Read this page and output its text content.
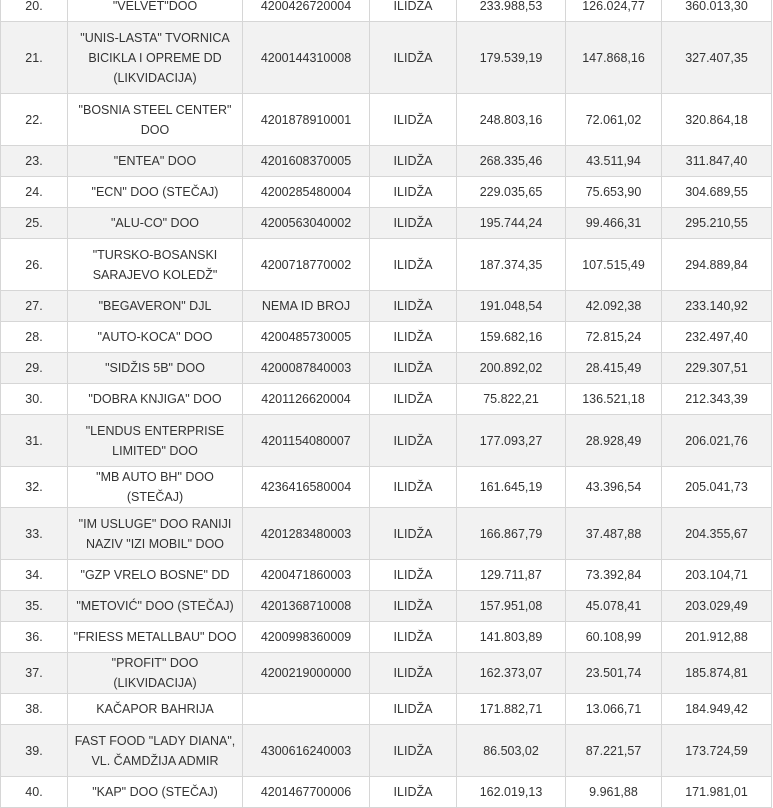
20.	"VELVET"DOO	4200426720004	ILIDŽA	233.988,53	126.024,77	360.013,30
21.	"UNIS-LASTA" TVORNICA
BICIKLA I OPREME DD
(LIKVIDACIJA)	4200144310008	ILIDŽA	179.539,19	147.868,16	327.407,35
22.	"BOSNIA STEEL CENTER"
DOO	4201878910001	ILIDŽA	248.803,16	72.061,02	320.864,18
23.	"ENTEA" DOO	4201608370005	ILIDŽA	268.335,46	43.511,94	311.847,40
24.	"ECN" DOO (STEČAJ)	4200285480004	ILIDŽA	229.035,65	75.653,90	304.689,55
25.	"ALU-CO" DOO	4200563040002	ILIDŽA	195.744,24	99.466,31	295.210,55
26.	"TURSKO-BOSANSKI
SARAJEVO KOLEDŽ"	4200718770002	ILIDŽA	187.374,35	107.515,49	294.889,84
27.	"BEGAVERON" DJL	NEMA ID BROJ	ILIDŽA	191.048,54	42.092,38	233.140,92
28.	"AUTO-KOCA" DOO	4200485730005	ILIDŽA	159.682,16	72.815,24	232.497,40
29.	"SIDŽIS 5B" DOO	4200087840003	ILIDŽA	200.892,02	28.415,49	229.307,51
30.	"DOBRA KNJIGA" DOO	4201126620004	ILIDŽA	75.822,21	136.521,18	212.343,39
31.	"LENDUS ENTERPRISE
LIMITED" DOO	4201154080007	ILIDŽA	177.093,27	28.928,49	206.021,76
32.	"MB AUTO BH" DOO (STEČAJ)	4236416580004	ILIDŽA	161.645,19	43.396,54	205.041,73
33.	"IM USLUGE" DOO RANIJI
NAZIV "IZI MOBIL" DOO	4201283480003	ILIDŽA	166.867,79	37.487,88	204.355,67
34.	"GZP VRELO BOSNE" DD	4200471860003	ILIDŽA	129.711,87	73.392,84	203.104,71
35.	"METOVIĆ" DOO (STEČAJ)	4201368710008	ILIDŽA	157.951,08	45.078,41	203.029,49
36.	"FRIESS METALLBAU" DOO	4200998360009	ILIDŽA	141.803,89	60.108,99	201.912,88
37.	"PROFIT" DOO (LIKVIDACIJA)	4200219000000	ILIDŽA	162.373,07	23.501,74	185.874,81
38.	KAČAPOR BAHRIJA		ILIDŽA	171.882,71	13.066,71	184.949,42
39.	FAST FOOD "LADY DIANA",
VL. ČAMDŽIJA ADMIR	4300616240003	ILIDŽA	86.503,02	87.221,57	173.724,59
40.	"KAP" DOO (STEČAJ)	4201467700006	ILIDŽA	162.019,13	9.961,88	171.981,01
